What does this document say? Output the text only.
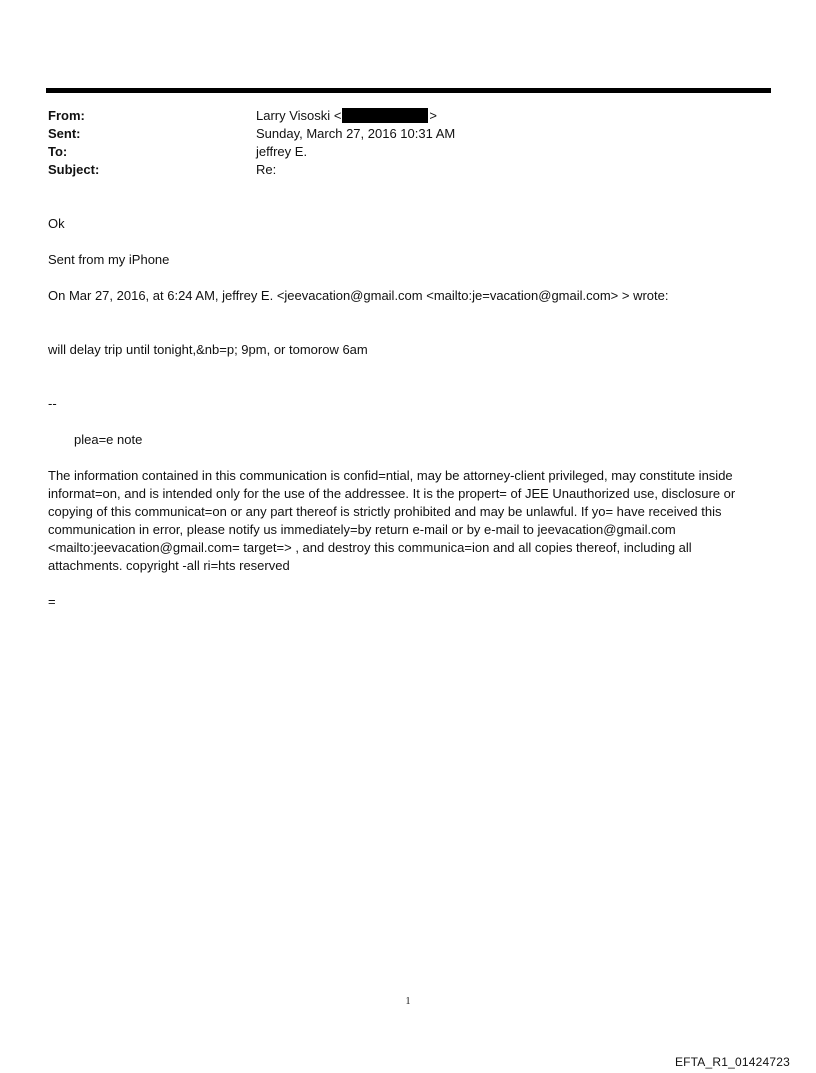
From:	Larry Visoski <	>
Sent:	Sunday, March 27, 2016 10:31 AM
To:	jeffrey E.
Subject:	Re:

Ok

Sent from my iPhone

On Mar 27, 2016, at 6:24 AM, jeffrey E. <jeevacation@gmail.com <mailto:je=vacation@gmail.com> > wrote:

will delay trip until tonight,&nb=p; 9pm, or tomorow 6am

--

plea=e note

The information contained in this communication is confid=ntial, may be attorney-client privileged, may constitute inside informat=on, and is intended only for the use of the addressee. It is the propert= of JEE Unauthorized use, disclosure or copying of this communicat=on or any part thereof is strictly prohibited and may be unlawful. If yo= have received this communication in error, please notify us immediately=by return e-mail or by e-mail to jeevacation@gmail.com <mailto:jeevacation@gmail.com= target=> , and destroy this communica=ion and all copies thereof, including all attachments. copyright -all ri=hts reserved

=

1
EFTA_R1_01424723
